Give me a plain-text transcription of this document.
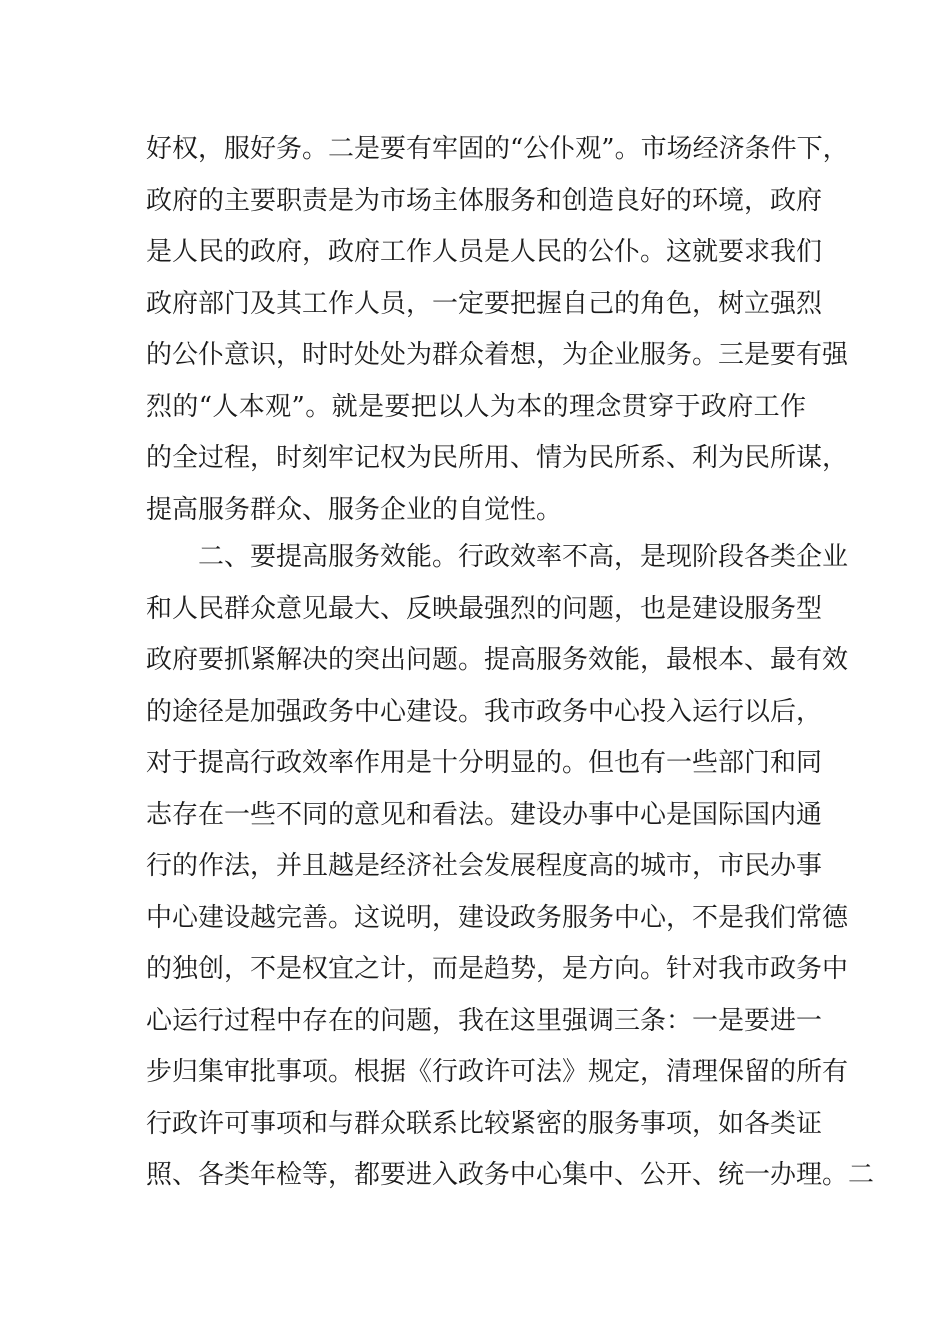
好权，服好务。二是要有牢固的“公仆观”。市场经济条件下，
政府的主要职责是为市场主体服务和创造良好的环境，政府
是人民的政府，政府工作人员是人民的公仆。这就要求我们
政府部门及其工作人员，一定要把握自己的角色，树立强烈
的公仆意识，时时处处为群众着想，为企业服务。三是要有强
烈的“人本观”。就是要把以人为本的理念贯穿于政府工作
的全过程，时刻牢记权为民所用、情为民所系、利为民所谋，
提高服务群众、服务企业的自觉性。
二、要提高服务效能。行政效率不高，是现阶段各类企业
和人民群众意见最大、反映最强烈的问题，也是建设服务型
政府要抓紧解决的突出问题。提高服务效能，最根本、最有效
的途径是加强政务中心建设。我市政务中心投入运行以后，
对于提高行政效率作用是十分明显的。但也有一些部门和同
志存在一些不同的意见和看法。建设办事中心是国际国内通
行的作法，并且越是经济社会发展程度高的城市，市民办事
中心建设越完善。这说明，建设政务服务中心，不是我们常德
的独创，不是权宜之计，而是趋势，是方向。针对我市政务中
心运行过程中存在的问题，我在这里强调三条：一是要进一
步归集审批事项。根据《行政许可法》规定，清理保留的所有
行政许可事项和与群众联系比较紧密的服务事项，如各类证
照、各类年检等，都要进入政务中心集中、公开、统一办理。二
